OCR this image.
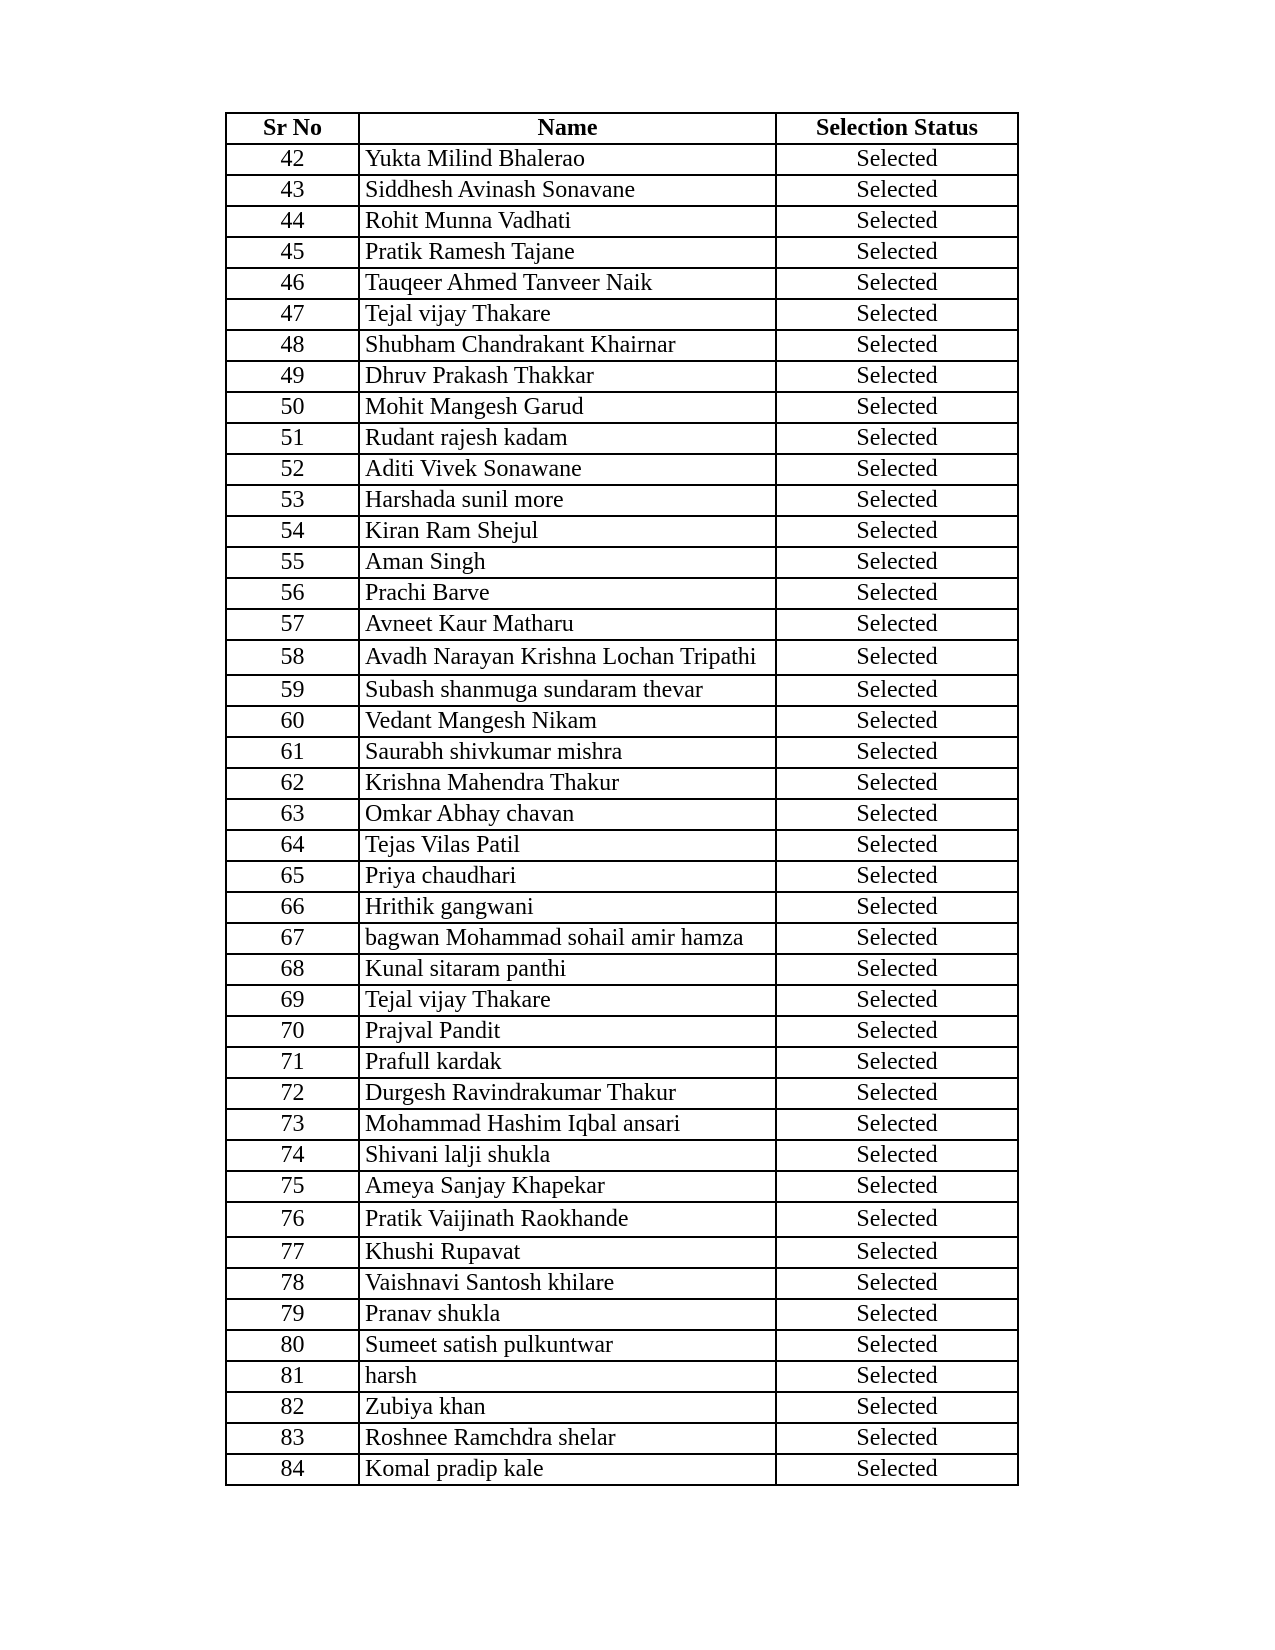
Sr No	Name	Selection Status
42	Yukta Milind Bhalerao	Selected
43	Siddhesh Avinash Sonavane	Selected
44	Rohit Munna Vadhati	Selected
45	Pratik Ramesh Tajane	Selected
46	Tauqeer Ahmed Tanveer Naik	Selected
47	Tejal vijay Thakare	Selected
48	Shubham Chandrakant Khairnar	Selected
49	Dhruv Prakash Thakkar	Selected
50	Mohit Mangesh Garud	Selected
51	Rudant rajesh kadam	Selected
52	Aditi Vivek Sonawane	Selected
53	Harshada sunil more	Selected
54	Kiran Ram Shejul	Selected
55	Aman Singh	Selected
56	Prachi Barve	Selected
57	Avneet Kaur Matharu	Selected
58	Avadh Narayan Krishna Lochan Tripathi	Selected
59	Subash shanmuga sundaram thevar	Selected
60	Vedant Mangesh Nikam	Selected
61	Saurabh shivkumar mishra	Selected
62	Krishna Mahendra Thakur	Selected
63	Omkar Abhay chavan	Selected
64	Tejas Vilas Patil	Selected
65	Priya chaudhari	Selected
66	Hrithik gangwani	Selected
67	bagwan Mohammad sohail amir hamza	Selected
68	Kunal sitaram panthi	Selected
69	Tejal vijay Thakare	Selected
70	Prajval Pandit	Selected
71	Prafull kardak	Selected
72	Durgesh Ravindrakumar Thakur	Selected
73	Mohammad Hashim Iqbal ansari	Selected
74	Shivani lalji shukla	Selected
75	Ameya Sanjay Khapekar	Selected
76	Pratik Vaijinath Raokhande	Selected
77	Khushi Rupavat	Selected
78	Vaishnavi Santosh khilare	Selected
79	Pranav shukla	Selected
80	Sumeet satish pulkuntwar	Selected
81	harsh	Selected
82	Zubiya khan	Selected
83	Roshnee Ramchdra shelar	Selected
84	Komal pradip kale	Selected
